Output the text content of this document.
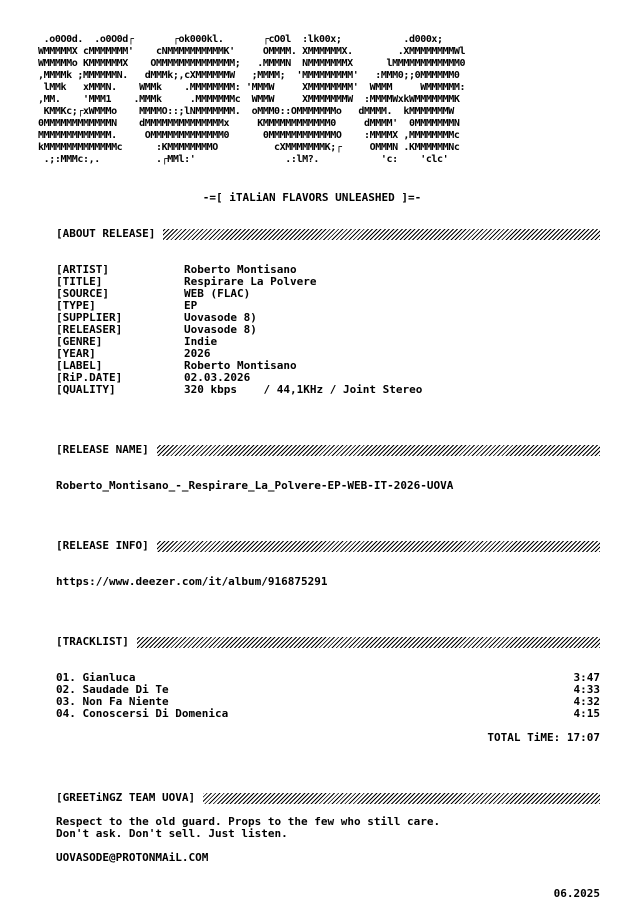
.o0O0d.  .o0O0d┌       ┌ok000kl.       ┌cO0l  :lk00x;           .d000x;
WMMMMMX cMMMMMMM'    cNMMMMMMMMMMK'     OMMMM. XMMMMMMX.        .XMMMMMMMMWl
WMMMMMo KMMMMMMX    OMMMMMMMMMMMMMM;   .MMMMN  NMMMMMMMX      lMMMMMMMMMMMM0
,MMMMk ;MMMMMMN.   dMMMk;,cXMMMMMMW   ;MMMM;  'MMMMMMMMM'   :MMM0;;0MMMMMM0
lMMk   xMMMN.    WMMk    .MMMMMMMM: 'MMMW     XMMMMMMMM'  WMMM     WMMMMMM:
,MM.    'MMM1    .MMMk     .MMMMMMMc  WMMW     XMMMMMMMW  :MMMMWxkWMMMMMMMK
KMMKc;┌xWMMMo    MMMMO::;lNMMMMMMM.  oMMM0::OMMMMMMMo   dMMMM.  kMMMMMMMW
0MMMMMMMMMMMMN    dMMMMMMMMMMMMMMx     KMMMMMMMMMMMM0     dMMMM'  0MMMMMMMN
MMMMMMMMMMMMM.     OMMMMMMMMMMMMM0      0MMMMMMMMMMMMO    :MMMMX ,MMMMMMMMc
kMMMMMMMMMMMMMc      :KMMMMMMMMO          cXMMMMMMMK;┌     OMMMN .KMMMMMMNc
.;:MMMc:,.          .┌MMl:'                .:lM?.           'c:    'clc'
-=[ iTALiAN FLAVORS UNLEASHED ]=-
[ABOUT RELEASE]
[ARTIST]	Roberto Montisano
[TITLE]	Respirare La Polvere
[SOURCE]	WEB (FLAC)
[TYPE]	EP
[SUPPLIER]	Uovasode 8)
[RELEASER]	Uovasode 8)
[GENRE]	Indie
[YEAR]	2026
[LABEL]	Roberto Montisano
[RiP.DATE]	02.03.2026
[QUALITY]	320 kbps    / 44,1KHz / Joint Stereo
[RELEASE NAME]
Roberto_Montisano_-_Respirare_La_Polvere-EP-WEB-IT-2026-UOVA
[RELEASE INFO]
https://www.deezer.com/it/album/916875291
[TRACKLIST]
01. Gianluca	3:47
02. Saudade Di Te	4:33
03. Non Fa Niente	4:32
04. Conoscersi Di Domenica	4:15
TOTAL TiME: 17:07
[GREETiNGZ TEAM UOVA]
Respect to the old guard. Props to the few who still care.
Don't ask. Don't sell. Just listen.
UOVASODE@PROTONMAiL.COM
06.2025
